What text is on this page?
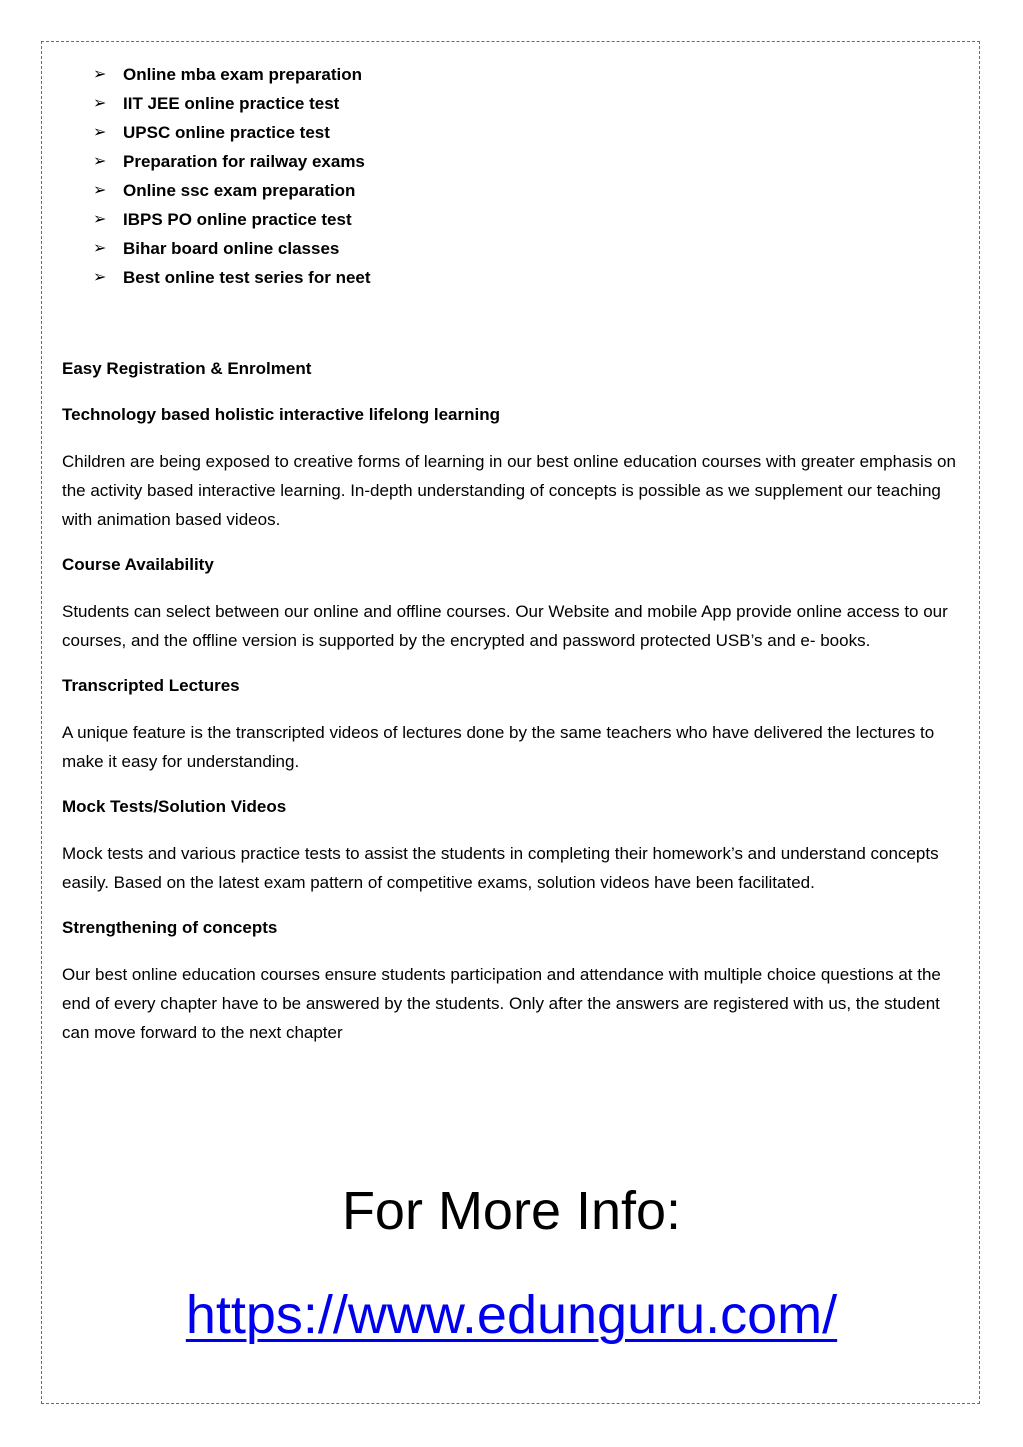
➢ Online mba exam preparation
➢ IIT JEE online practice test
➢ UPSC online practice test
➢ Preparation for railway exams
➢ Online ssc exam preparation
➢ IBPS PO online practice test
➢ Bihar board online classes
➢ Best online test series for neet

Easy Registration & Enrolment

Technology based holistic interactive lifelong learning

Children are being exposed to creative forms of learning in our best online education courses with greater emphasis on the activity based interactive learning. In-depth understanding of concepts is possible as we supplement our teaching with animation based videos.

Course Availability

Students can select between our online and offline courses. Our Website and mobile App provide online access to our courses, and the offline version is supported by the encrypted and password protected USB’s and e- books.

Transcripted Lectures

A unique feature is the transcripted videos of lectures done by the same teachers who have delivered the lectures to make it easy for understanding.

Mock Tests/Solution Videos

Mock tests and various practice tests to assist the students in completing their homework’s and understand concepts easily. Based on the latest exam pattern of competitive exams, solution videos have been facilitated.

Strengthening of concepts

Our best online education courses ensure students participation and attendance with multiple choice questions at the end of every chapter have to be answered by the students. Only after the answers are registered with us, the student can move forward to the next chapter

For More Info:
https://www.edunguru.com/
